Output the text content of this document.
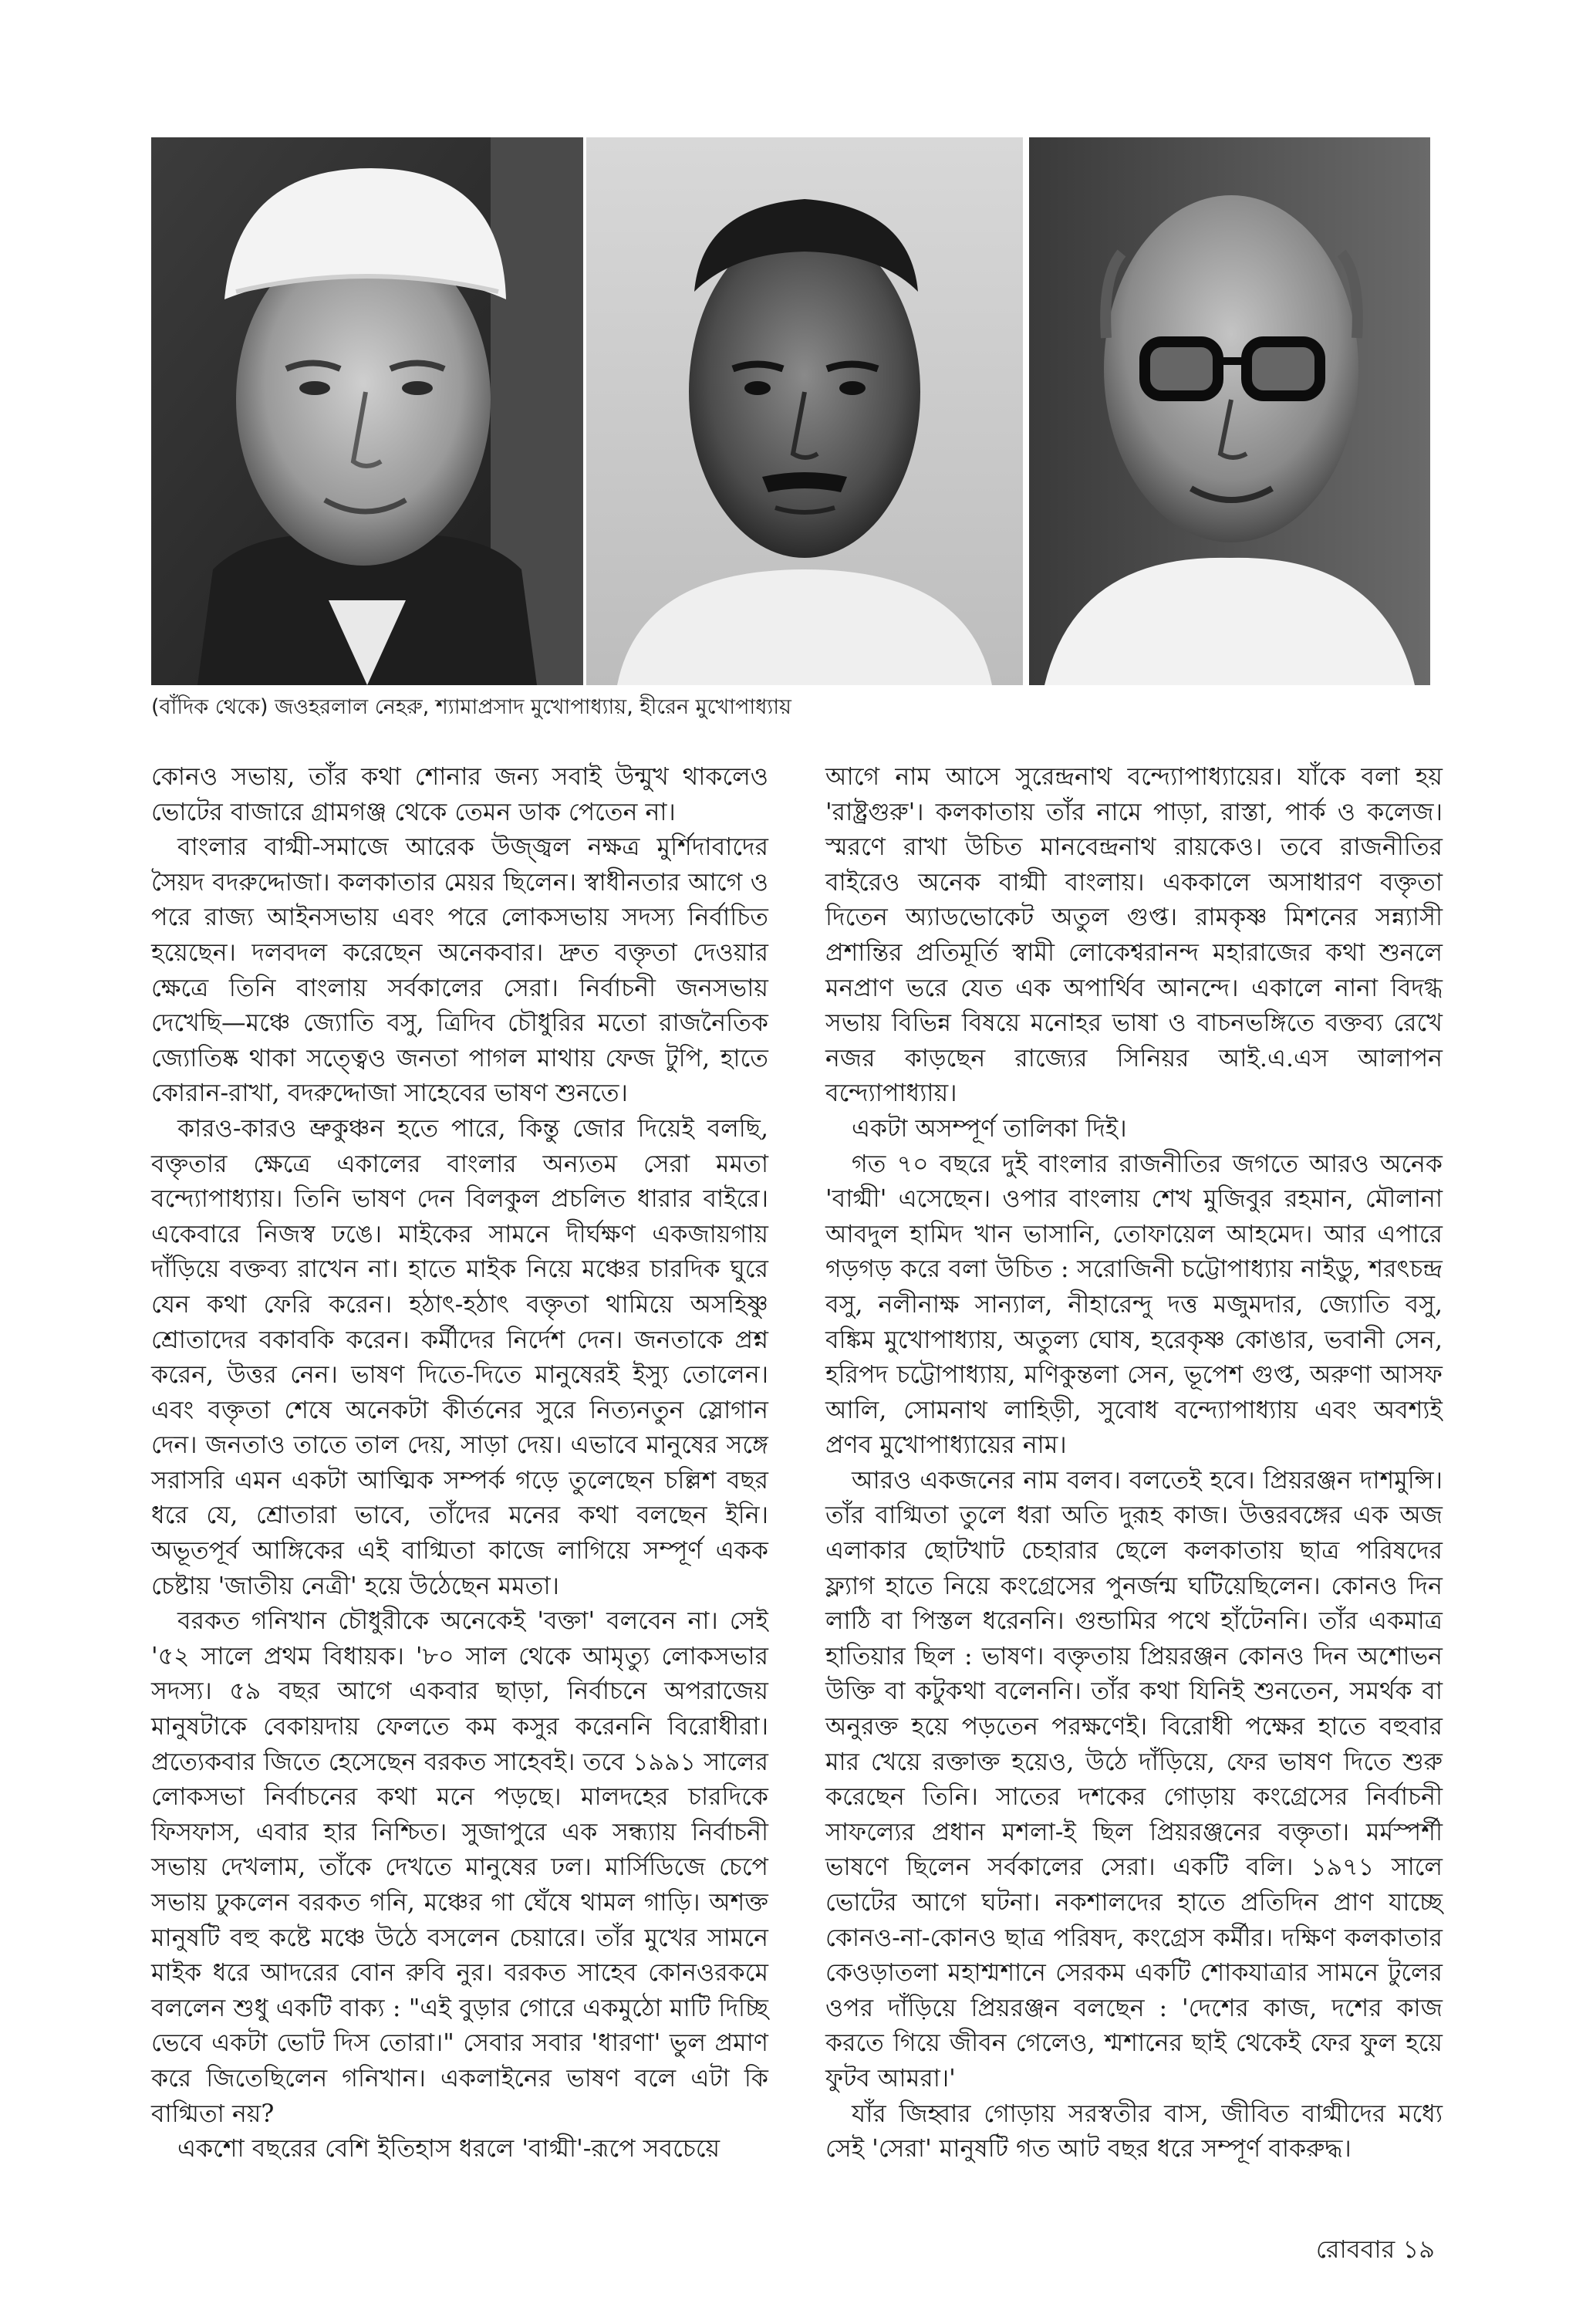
(বাঁদিক থেকে) জওহরলাল নেহরু, শ্যামাপ্রসাদ মুখোপাধ্যায়, হীরেন মুখোপাধ্যায়

কোনও সভায়, তাঁর কথা শোনার জন্য সবাই উন্মুখ থাকলেও ভোটের বাজারে গ্রামগঞ্জ থেকে তেমন ডাক পেতেন না।

বাংলার বাগ্মী-সমাজে আরেক উজ্জ্বল নক্ষত্র মুর্শিদাবাদের সৈয়দ বদরুদ্দোজা। কলকাতার মেয়র ছিলেন। স্বাধীনতার আগে ও পরে রাজ্য আইনসভায় এবং পরে লোকসভায় সদস্য নির্বাচিত হয়েছেন। দলবদল করেছেন অনেকবার। দ্রুত বক্তৃতা দেওয়ার ক্ষেত্রে তিনি বাংলায় সর্বকালের সেরা। নির্বাচনী জনসভায় দেখেছি—মঞ্চে জ্যোতি বসু, ত্রিদিব চৌধুরির মতো রাজনৈতিক জ্যোতিষ্ক থাকা সত্ত্বেও জনতা পাগল মাথায় ফেজ টুপি, হাতে কোরান-রাখা, বদরুদ্দোজা সাহেবের ভাষণ শুনতে।

কারও-কারও ভ্রুকুঞ্চন হতে পারে, কিন্তু জোর দিয়েই বলছি, বক্তৃতার ক্ষেত্রে একালের বাংলার অন্যতম সেরা মমতা বন্দ্যোপাধ্যায়। তিনি ভাষণ দেন বিলকুল প্রচলিত ধারার বাইরে। একেবারে নিজস্ব ঢঙে। মাইকের সামনে দীর্ঘক্ষণ একজায়গায় দাঁড়িয়ে বক্তব্য রাখেন না। হাতে মাইক নিয়ে মঞ্চের চারদিক ঘুরে যেন কথা ফেরি করেন। হঠাৎ-হঠাৎ বক্তৃতা থামিয়ে অসহিষ্ণু শ্রোতাদের বকাবকি করেন। কর্মীদের নির্দেশ দেন। জনতাকে প্রশ্ন করেন, উত্তর নেন। ভাষণ দিতে-দিতে মানুষেরই ইস্যু তোলেন। এবং বক্তৃতা শেষে অনেকটা কীর্তনের সুরে নিত্যনতুন স্লোগান দেন। জনতাও তাতে তাল দেয়, সাড়া দেয়। এভাবে মানুষের সঙ্গে সরাসরি এমন একটা আত্মিক সম্পর্ক গড়ে তুলেছেন চল্লিশ বছর ধরে যে, শ্রোতারা ভাবে, তাঁদের মনের কথা বলছেন ইনি। অভূতপূর্ব আঙ্গিকের এই বাগ্মিতা কাজে লাগিয়ে সম্পূর্ণ একক চেষ্টায় 'জাতীয় নেত্রী' হয়ে উঠেছেন মমতা।

বরকত গনিখান চৌধুরীকে অনেকেই 'বক্তা' বলবেন না। সেই '৫২ সালে প্রথম বিধায়ক। '৮০ সাল থেকে আমৃত্যু লোকসভার সদস্য। ৫৯ বছর আগে একবার ছাড়া, নির্বাচনে অপরাজেয় মানুষটাকে বেকায়দায় ফেলতে কম কসুর করেননি বিরোধীরা। প্রত্যেকবার জিতে হেসেছেন বরকত সাহেবই। তবে ১৯৯১ সালের লোকসভা নির্বাচনের কথা মনে পড়ছে। মালদহের চারদিকে ফিসফাস, এবার হার নিশ্চিত। সুজাপুরে এক সন্ধ্যায় নির্বাচনী সভায় দেখলাম, তাঁকে দেখতে মানুষের ঢল। মার্সিডিজে চেপে সভায় ঢুকলেন বরকত গনি, মঞ্চের গা ঘেঁষে থামল গাড়ি। অশক্ত মানুষটি বহু কষ্টে মঞ্চে উঠে বসলেন চেয়ারে। তাঁর মুখের সামনে মাইক ধরে আদরের বোন রুবি নুর। বরকত সাহেব কোনওরকমে বললেন শুধু একটি বাক্য : "এই বুড়ার গোরে একমুঠো মাটি দিচ্ছি ভেবে একটা ভোট দিস তোরা।" সেবার সবার 'ধারণা' ভুল প্রমাণ করে জিতেছিলেন গনিখান। একলাইনের ভাষণ বলে এটা কি বাগ্মিতা নয়?

একশো বছরের বেশি ইতিহাস ধরলে 'বাগ্মী'-রূপে সবচেয়ে

আগে নাম আসে সুরেন্দ্রনাথ বন্দ্যোপাধ্যায়ের। যাঁকে বলা হয় 'রাষ্ট্রগুরু'। কলকাতায় তাঁর নামে পাড়া, রাস্তা, পার্ক ও কলেজ। স্মরণে রাখা উচিত মানবেন্দ্রনাথ রায়কেও। তবে রাজনীতির বাইরেও অনেক বাগ্মী বাংলায়। এককালে অসাধারণ বক্তৃতা দিতেন অ্যাডভোকেট অতুল গুপ্ত। রামকৃষ্ণ মিশনের সন্ন্যাসী প্রশান্তির প্রতিমূর্তি স্বামী লোকেশ্বরানন্দ মহারাজের কথা শুনলে মনপ্রাণ ভরে যেত এক অপার্থিব আনন্দে। একালে নানা বিদগ্ধ সভায় বিভিন্ন বিষয়ে মনোহর ভাষা ও বাচনভঙ্গিতে বক্তব্য রেখে নজর কাড়ছেন রাজ্যের সিনিয়র আই.এ.এস আলাপন বন্দ্যোপাধ্যায়।

একটা অসম্পূর্ণ তালিকা দিই।

গত ৭০ বছরে দুই বাংলার রাজনীতির জগতে আরও অনেক 'বাগ্মী' এসেছেন। ওপার বাংলায় শেখ মুজিবুর রহমান, মৌলানা আবদুল হামিদ খান ভাসানি, তোফায়েল আহমেদ। আর এপারে গড়গড় করে বলা উচিত : সরোজিনী চট্টোপাধ্যায় নাইডু, শরৎচন্দ্র বসু, নলীনাক্ষ সান্যাল, নীহারেন্দু দত্ত মজুমদার, জ্যোতি বসু, বঙ্কিম মুখোপাধ্যায়, অতুল্য ঘোষ, হরেকৃষ্ণ কোঙার, ভবানী সেন, হরিপদ চট্টোপাধ্যায়, মণিকুন্তলা সেন, ভূপেশ গুপ্ত, অরুণা আসফ আলি, সোমনাথ লাহিড়ী, সুবোধ বন্দ্যোপাধ্যায় এবং অবশ্যই প্রণব মুখোপাধ্যায়ের নাম।

আরও একজনের নাম বলব। বলতেই হবে। প্রিয়রঞ্জন দাশমুন্সি। তাঁর বাগ্মিতা তুলে ধরা অতি দুরূহ কাজ। উত্তরবঙ্গের এক অজ এলাকার ছোটখাট চেহারার ছেলে কলকাতায় ছাত্র পরিষদের ফ্ল্যাগ হাতে নিয়ে কংগ্রেসের পুনর্জন্ম ঘটিয়েছিলেন। কোনও দিন লাঠি বা পিস্তল ধরেননি। গুন্ডামির পথে হাঁটেননি। তাঁর একমাত্র হাতিয়ার ছিল : ভাষণ। বক্তৃতায় প্রিয়রঞ্জন কোনও দিন অশোভন উক্তি বা কটুকথা বলেননি। তাঁর কথা যিনিই শুনতেন, সমর্থক বা অনুরক্ত হয়ে পড়তেন পরক্ষণেই। বিরোধী পক্ষের হাতে বহুবার মার খেয়ে রক্তাক্ত হয়েও, উঠে দাঁড়িয়ে, ফের ভাষণ দিতে শুরু করেছেন তিনি। সাতের দশকের গোড়ায় কংগ্রেসের নির্বাচনী সাফল্যের প্রধান মশলা-ই ছিল প্রিয়রঞ্জনের বক্তৃতা। মর্মস্পর্শী ভাষণে ছিলেন সর্বকালের সেরা। একটি বলি। ১৯৭১ সালে ভোটের আগে ঘটনা। নকশালদের হাতে প্রতিদিন প্রাণ যাচ্ছে কোনও-না-কোনও ছাত্র পরিষদ, কংগ্রেস কর্মীর। দক্ষিণ কলকাতার কেওড়াতলা মহাশ্মশানে সেরকম একটি শোকযাত্রার সামনে টুলের ওপর দাঁড়িয়ে প্রিয়রঞ্জন বলছেন : 'দেশের কাজ, দশের কাজ করতে গিয়ে জীবন গেলেও, শ্মশানের ছাই থেকেই ফের ফুল হয়ে ফুটব আমরা।'

যাঁর জিহ্বার গোড়ায় সরস্বতীর বাস, জীবিত বাগ্মীদের মধ্যে সেই 'সেরা' মানুষটি গত আট বছর ধরে সম্পূর্ণ বাকরুদ্ধ।

রোববার ১৯
